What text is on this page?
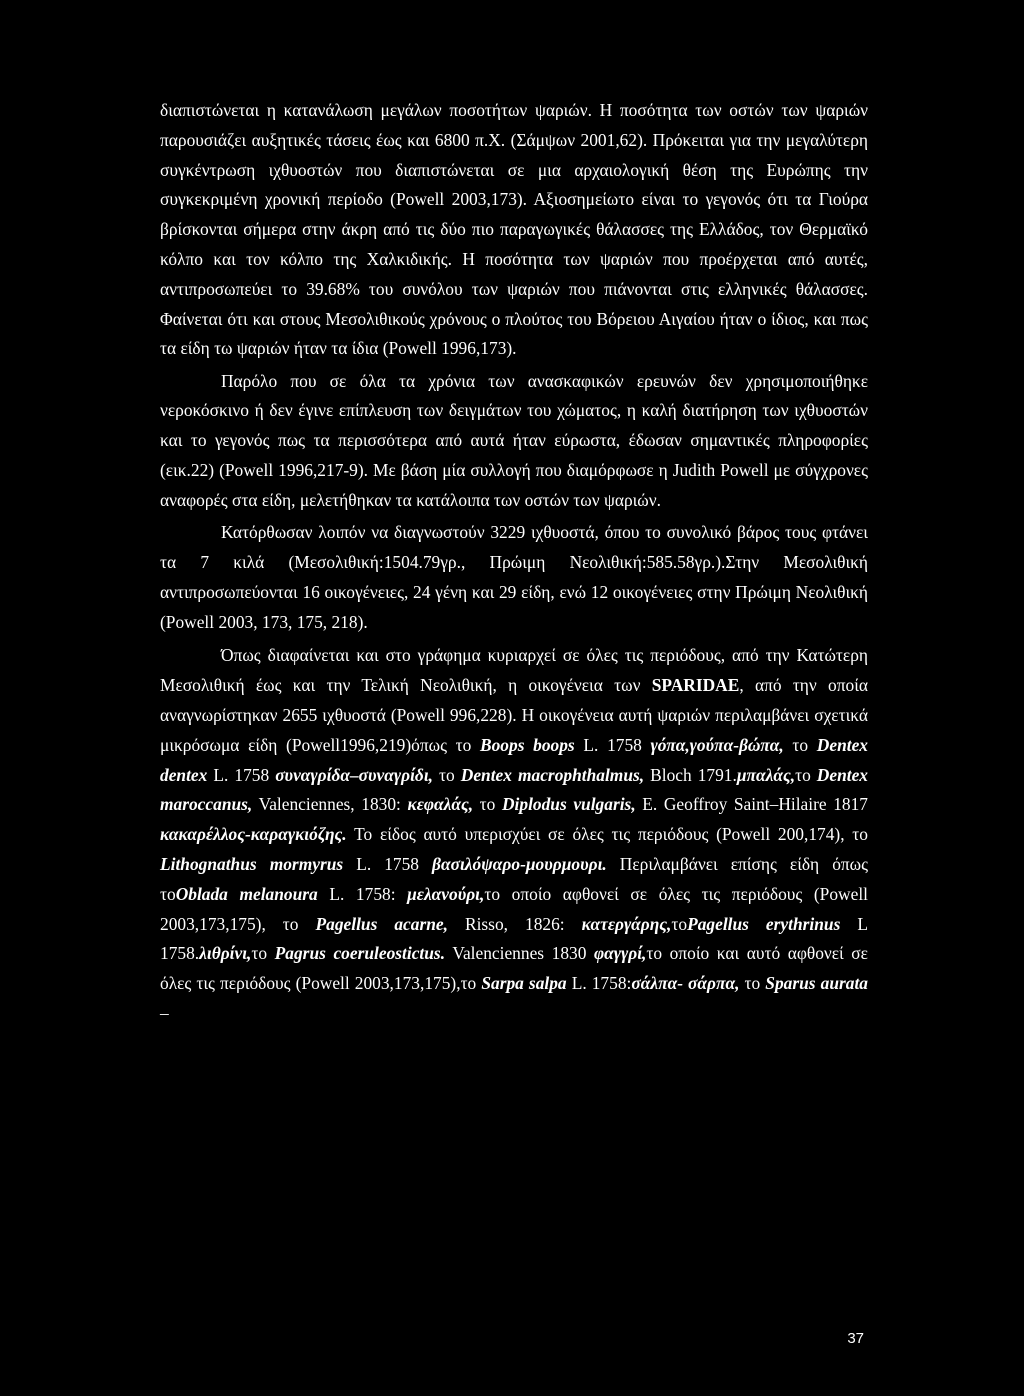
διαπιστώνεται η κατανάλωση μεγάλων ποσοτήτων ψαριών. Η ποσότητα των οστών των ψαριών παρουσιάζει αυξητικές τάσεις έως και 6800 π.Χ. (Σάμψων 2001,62). Πρόκειται για την μεγαλύτερη συγκέντρωση ιχθυοστών που διαπιστώνεται σε μια αρχαιολογική θέση της Ευρώπης την συγκεκριμένη χρονική περίοδο (Powell 2003,173). Αξιοσημείωτο είναι το γεγονός ότι τα Γιούρα βρίσκονται σήμερα στην άκρη από τις δύο πιο παραγωγικές θάλασσες της Ελλάδος, τον Θερμαϊκό κόλπο και τον κόλπο της Χαλκιδικής. Η ποσότητα των ψαριών που προέρχεται από αυτές, αντιπροσωπεύει το 39.68% του συνόλου των ψαριών που πιάνονται στις ελληνικές θάλασσες. Φαίνεται ότι και στους Μεσολιθικούς χρόνους ο πλούτος του Βόρειου Αιγαίου ήταν ο ίδιος, και πως τα είδη τω ψαριών ήταν τα ίδια (Powell 1996,173).

Παρόλο που σε όλα τα χρόνια των ανασκαφικών ερευνών δεν χρησιμοποιήθηκε νεροκόσκινο ή δεν έγινε επίπλευση των δειγμάτων του χώματος, η καλή διατήρηση των ιχθυοστών και το γεγονός πως τα περισσότερα από αυτά ήταν εύρωστα, έδωσαν σημαντικές πληροφορίες (εικ.22) (Powell 1996,217-9). Με βάση μία συλλογή που διαμόρφωσε η Judith Powell με σύγχρονες αναφορές στα είδη, μελετήθηκαν τα κατάλοιπα των οστών των ψαριών.

Κατόρθωσαν λοιπόν να διαγνωστούν 3229 ιχθυοστά, όπου το συνολικό βάρος τους φτάνει τα 7 κιλά (Μεσολιθική:1504.79γρ., Πρώιμη Νεολιθική:585.58γρ.).Στην Μεσολιθική αντιπροσωπεύονται 16 οικογένειες, 24 γένη και 29 είδη, ενώ 12 οικογένειες στην Πρώιμη Νεολιθική (Powell 2003, 173, 175, 218).

Όπως διαφαίνεται και στο γράφημα κυριαρχεί σε όλες τις περιόδους, από την Κατώτερη Μεσολιθική έως και την Τελική Νεολιθική, η οικογένεια των SPARIDAE, από την οποία αναγνωρίστηκαν 2655 ιχθυοστά (Powell 996,228). Η οικογένεια αυτή ψαριών περιλαμβάνει σχετικά μικρόσωμα είδη (Powell1996,219)όπως το Boops boops L. 1758 γόπα,γούπα-βώπα, το Dentex dentex L. 1758 συναγρίδα–συναγρίδι, το Dentex macrophthalmus, Bloch 1791.μπαλάς,το Dentex maroccanus, Valenciennes, 1830: κεφαλάς, το Diplodus vulgaris, E. Geoffroy Saint–Hilaire 1817 κακαρέλλος-καραγκιόζης. Το είδος αυτό υπερισχύει σε όλες τις περιόδους (Powell 200,174), το Lithognathus mormyrus L. 1758 βασιλόψαρο-μουρμουρι. Περιλαμβάνει επίσης είδη όπως τοOblada melanoura L. 1758: μελανούρι,το οποίο αφθονεί σε όλες τις περιόδους (Powell 2003,173,175), το Pagellus acarne, Risso, 1826: κατεργάρης,τοPagellus erythrinus L 1758.λιθρίνι,το Pagrus coeruleostictus. Valenciennes 1830 φαγγρί,το οποίο και αυτό αφθονεί σε όλες τις περιόδους (Powell 2003,173,175),το Sarpa salpa L. 1758:σάλπα- σάρπα, το Sparus aurata –

37
